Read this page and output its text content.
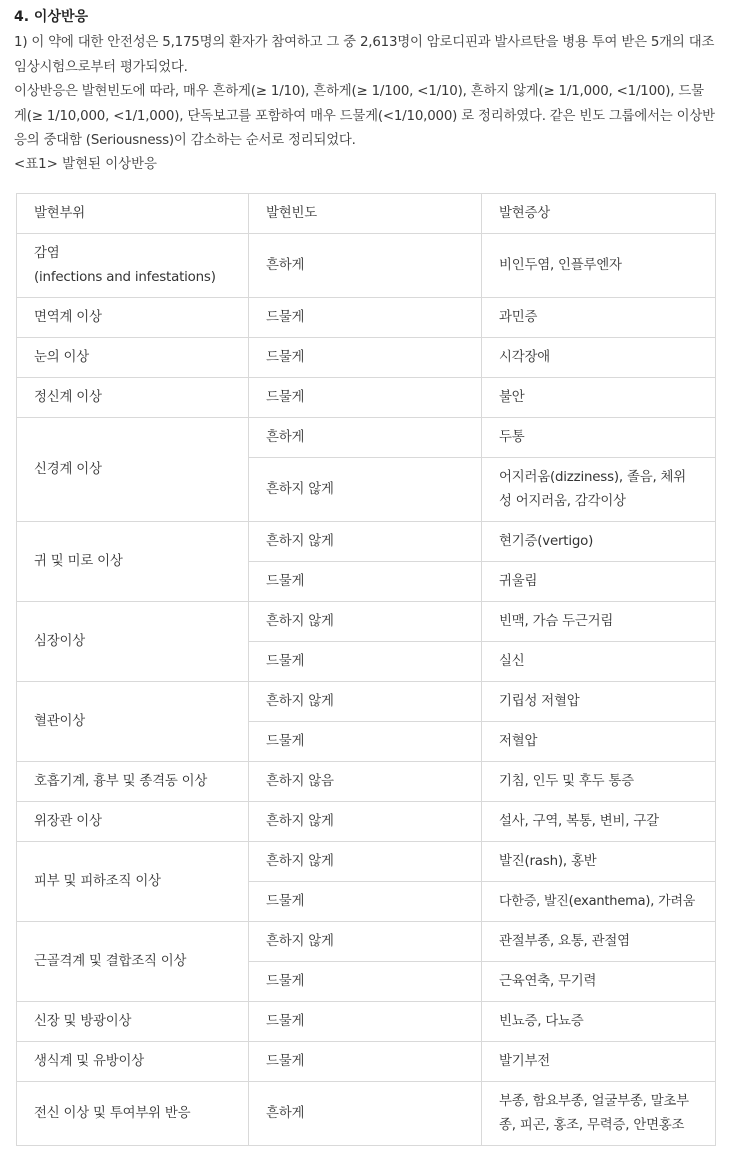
4. 이상반응
1) 이 약에 대한 안전성은 5,175명의 환자가 참여하고 그 중 2,613명이 암로디핀과 발사르탄을 병용 투여 받은 5개의 대조임상시험으로부터 평가되었다.
이상반응은 발현빈도에 따라, 매우 흔하게(≥ 1/10), 흔하게(≥ 1/100, <1/10), 흔하지 않게(≥ 1/1,000, <1/100), 드물게(≥ 1/10,000, <1/1,000), 단독보고를 포함하여 매우 드물게(<1/10,000) 로 정리하였다. 같은 빈도 그룹에서는 이상반응의 중대함 (Seriousness)이 감소하는 순서로 정리되었다.
<표1> 발현된 이상반응
발현부위	발현빈도	발현증상

감염
(infections and infestations)	흔하게	비인두염, 인플루엔자
면역계 이상	드물게	과민증
눈의 이상	드물게	시각장애
정신계 이상	드물게	불안
신경계 이상	흔하게	두통
	흔하지 않게	어지러움(dizziness), 졸음, 체위성 어지러움, 감각이상
귀 및 미로 이상	흔하지 않게	현기증(vertigo)
	드물게	귀울림
심장이상	흔하지 않게	빈맥, 가슴 두근거림
	드물게	실신
혈관이상	흔하지 않게	기립성 저혈압
	드물게	저혈압
호흡기계, 흉부 및 종격동 이상	흔하지 않음	기침, 인두 및 후두 통증
위장관 이상	흔하지 않게	설사, 구역, 복통, 변비, 구갈
피부 및 피하조직 이상	흔하지 않게	발진(rash), 홍반
	드물게	다한증, 발진(exanthema), 가려움
근골격계 및 결합조직 이상	흔하지 않게	관절부종, 요통, 관절염
	드물게	근육연축, 무기력
신장 및 방광이상	드물게	빈뇨증, 다뇨증
생식계 및 유방이상	드물게	발기부전
전신 이상 및 투여부위 반응	흔하게	부종, 함요부종, 얼굴부종, 말초부종, 피곤, 홍조, 무력증, 안면홍조
